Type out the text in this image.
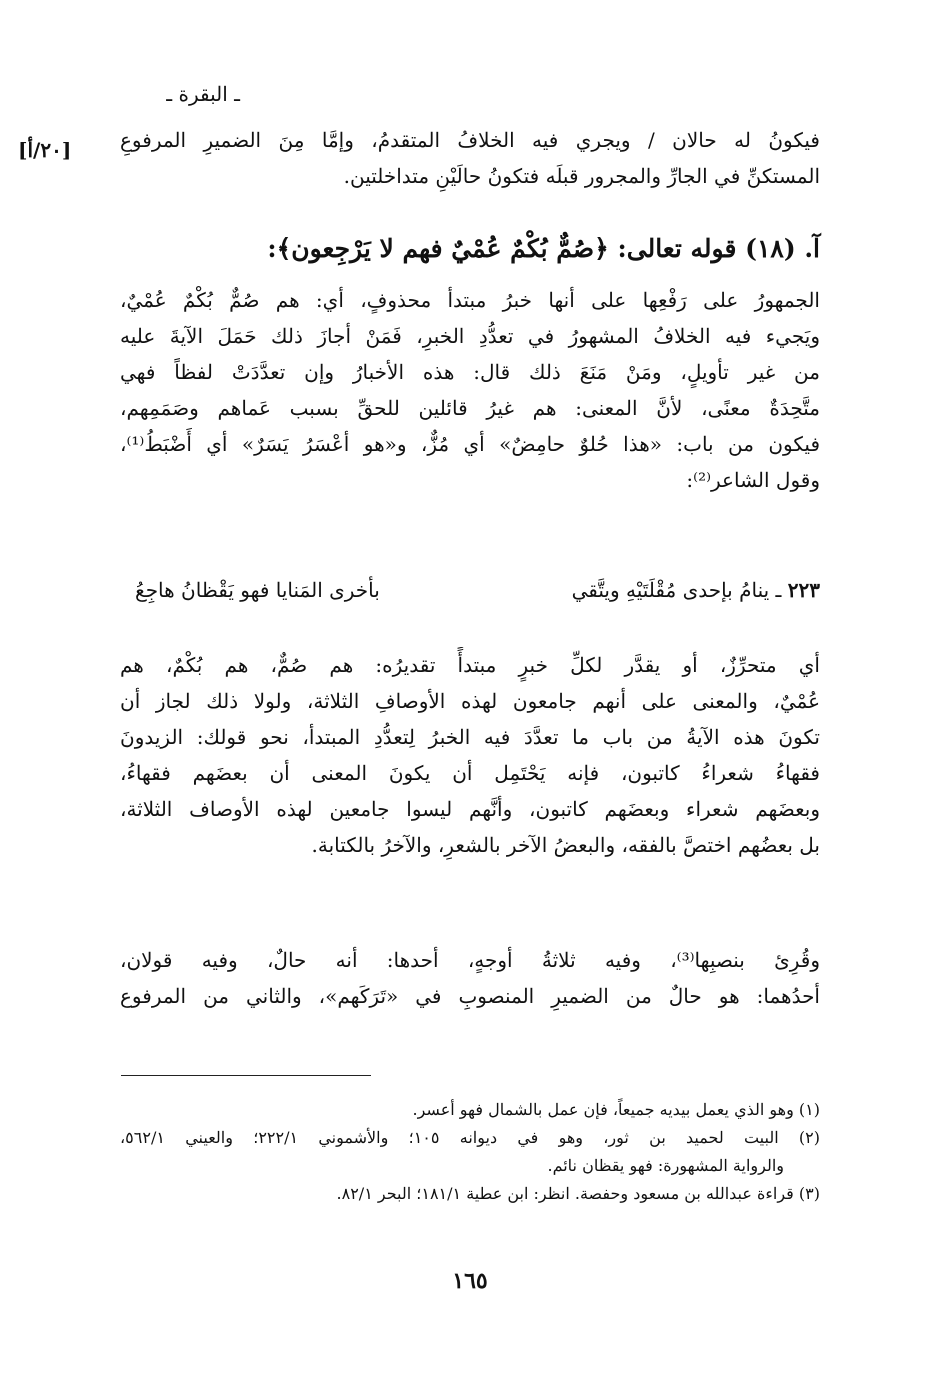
ـ البقرة ـ
[٢٠/أ] فيكونُ له حالان / ويجري فيه الخلافُ المتقدمُ، وإمَّا مِنَ الضميرِ المرفوعِ
المستكنِّ في الجارِّ والمجرور قبلَه فتكونُ حالَيْنِ متداخلتين.
آ. (١٨) قوله تعالى: ﴿صُمٌّ بُكْمٌ عُمْيٌ فهم لا يَرْجِعون﴾:
الجمهورُ على رَفْعِها على أنها خبرُ مبتدأ محذوفٍ، أي: هم صُمٌّ بُكْمٌ عُمْيٌ،
ويَجيء فيه الخلافُ المشهورُ في تعدُّدِ الخبرِ، فَمَنْ أجازَ ذلك حَمَلَ الآيةَ عليه
من غير تأويلٍ، ومَنْ مَنَعَ ذلك قال: هذه الأخبارُ وإن تعدَّدَتْ لفظاً فهي
متَّحِدَةٌ معنًى، لأنَّ المعنى: هم غيرُ قائلين للحقِّ بسبب عَماهم وصَمَمِهم،
فيكون من باب: «هذا حُلوٌ حامِضٌ» أي مُزٌّ، و«هو أعْسَرُ يَسَرٌ» أي أَضْبَطُ⁽¹⁾،
وقول الشاعر⁽²⁾:
٢٢٣ ـ ينامُ بإحدى مُقْلَتَيْهِ ويتَّقي بأخرى المَنايا فهو يَقْظانُ هاجِعُ
أي متحرِّزٌ، أو يقدَّر لكلِّ خبرٍ مبتدأً تقديرُه: هم صُمٌّ، هم بُكْمٌ، هم
عُمْيٌ، والمعنى على أنهم جامعون لهذه الأوصافِ الثلاثة، ولولا ذلك لجاز أن
تكونَ هذه الآيةُ من باب ما تعدَّدَ فيه الخبرُ لِتعدُّدِ المبتدأ، نحو قولك: الزيدونَ
فقهاءُ شعراءُ كاتبون، فإنه يَحْتَمِل أن يكونَ المعنى أن بعضَهم فقهاءُ،
وبعضَهم شعراء وبعضَهم كاتبون، وأنَّهم ليسوا جامعين لهذه الأوصاف الثلاثة،
بل بعضُهم اختصَّ بالفقه، والبعضُ الآخر بالشعرِ، والآخرُ بالكتابة.
وقُرِئ بنصبِها⁽³⁾، وفيه ثلاثةُ أوجهٍ، أحدها: أنه حالٌ، وفيه قولان،
أحدُهما: هو حالٌ من الضميرِ المنصوبِ في «تَرَكَهم»، والثاني من المرفوع
(١) وهو الذي يعمل بيديه جميعاً، فإن عمل بالشمال فهو أعسر.
(٢) البيت لحميد بن ثور، وهو في ديوانه ١٠٥؛ والأشموني ٢٢٢/١؛ والعيني ٥٦٢/١،
والرواية المشهورة: فهو يقظان نائم.
(٣) قراءة عبدالله بن مسعود وحفصة. انظر: ابن عطية ١٨١/١؛ البحر ٨٢/١.
١٦٥
